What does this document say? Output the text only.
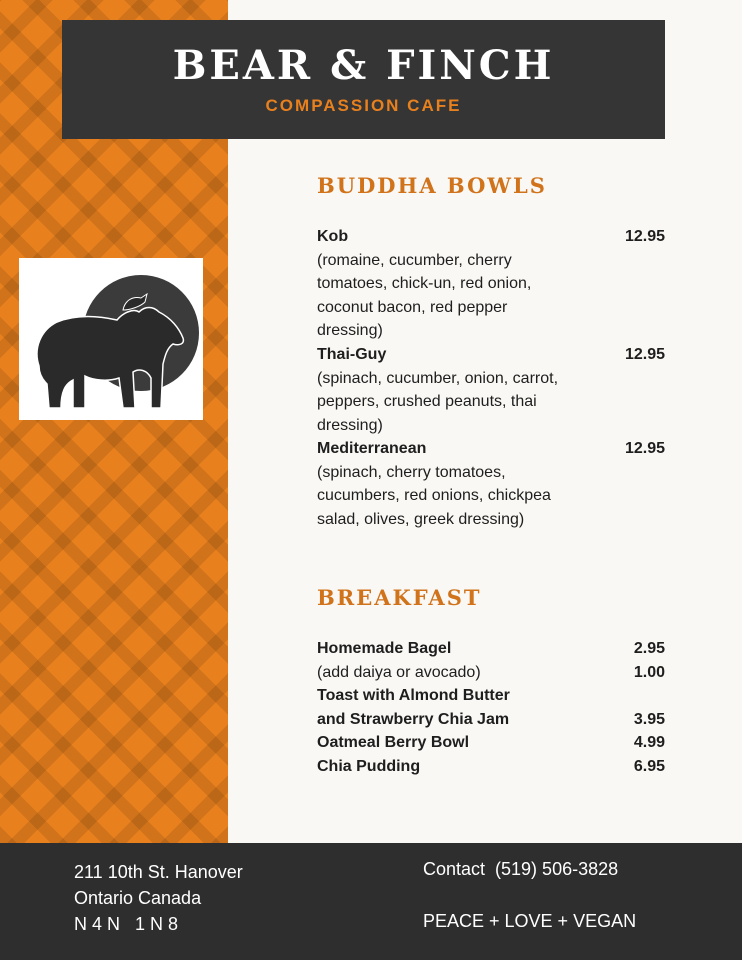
BEAR & FINCH
COMPASSION CAFE
BUDDHA BOWLS
Kob	12.95
(romaine, cucumber, cherry tomatoes, chick-un, red onion, coconut bacon, red pepper dressing)
Thai-Guy	12.95
(spinach, cucumber, onion, carrot, peppers, crushed peanuts, thai dressing)
Mediterranean	12.95
(spinach, cherry tomatoes, cucumbers, red onions, chickpea salad, olives, greek dressing)
BREAKFAST
Homemade Bagel	2.95
(add daiya or avocado)	1.00
Toast with Almond Butter
and Strawberry Chia Jam	3.95
Oatmeal Berry Bowl	4.99
Chia Pudding	6.95
211 10th St. Hanover
Ontario Canada
N 4 N   1 N 8
Contact  (519) 506-3828
PEACE + LOVE + VEGAN
